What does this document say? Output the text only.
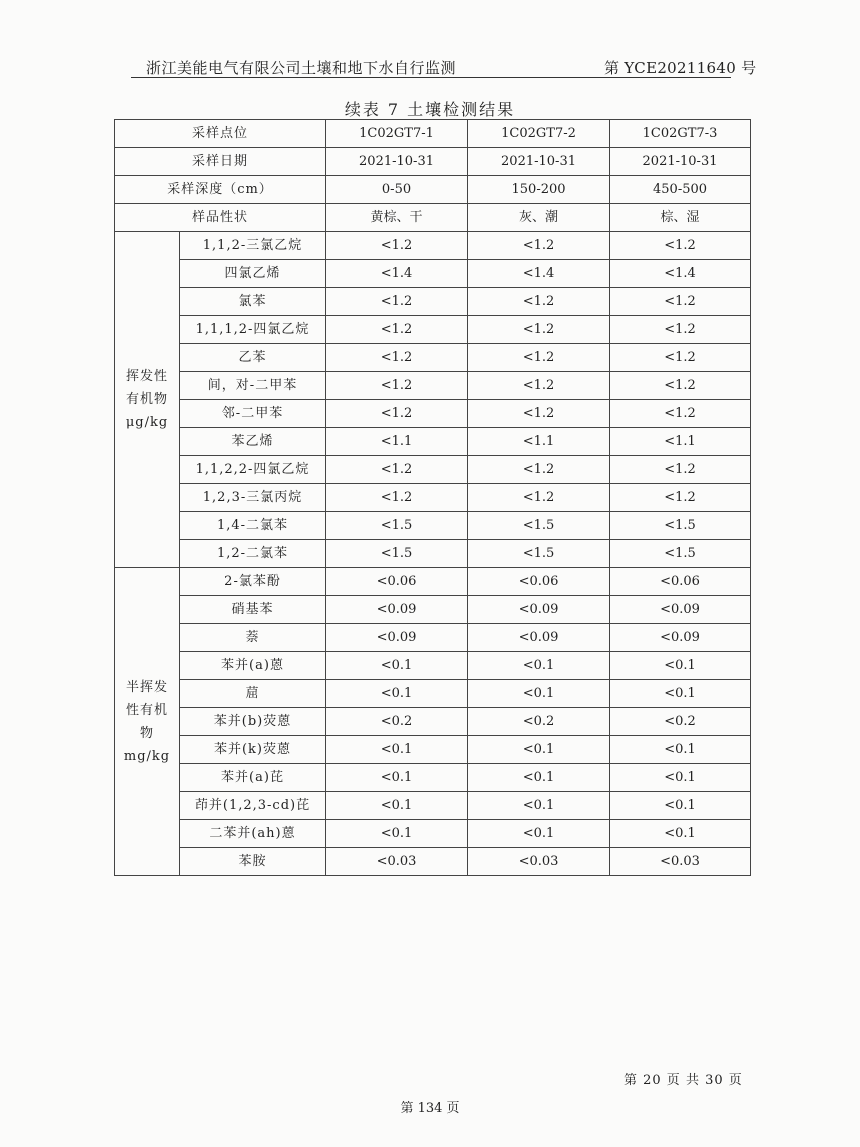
浙江美能电气有限公司土壤和地下水自行监测	第 YCE20211640 号
续表 7 土壤检测结果
采样点位		1C02GT7-1	1C02GT7-2	1C02GT7-3
采样日期		2021-10-31	2021-10-31	2021-10-31
采样深度（cm）		0-50	150-200	450-500
样品性状		黄棕、干	灰、潮	棕、湿
挥发性
有机物
μg/kg	1,1,2-三氯乙烷	<1.2	<1.2	<1.2
	四氯乙烯	<1.4	<1.4	<1.4
	氯苯	<1.2	<1.2	<1.2
	1,1,1,2-四氯乙烷	<1.2	<1.2	<1.2
	乙苯	<1.2	<1.2	<1.2
	间，对-二甲苯	<1.2	<1.2	<1.2
	邻-二甲苯	<1.2	<1.2	<1.2
	苯乙烯	<1.1	<1.1	<1.1
	1,1,2,2-四氯乙烷	<1.2	<1.2	<1.2
	1,2,3-三氯丙烷	<1.2	<1.2	<1.2
	1,4-二氯苯	<1.5	<1.5	<1.5
	1,2-二氯苯	<1.5	<1.5	<1.5
半挥发
性有机
物
mg/kg	2-氯苯酚	<0.06	<0.06	<0.06
	硝基苯	<0.09	<0.09	<0.09
	萘	<0.09	<0.09	<0.09
	苯并(a)蒽	<0.1	<0.1	<0.1
	䓛	<0.1	<0.1	<0.1
	苯并(b)荧蒽	<0.2	<0.2	<0.2
	苯并(k)荧蒽	<0.1	<0.1	<0.1
	苯并(a)芘	<0.1	<0.1	<0.1
	茚并(1,2,3-cd)芘	<0.1	<0.1	<0.1
	二苯并(ah)蒽	<0.1	<0.1	<0.1
	苯胺	<0.03	<0.03	<0.03
第 20 页 共 30 页
第 134 页
